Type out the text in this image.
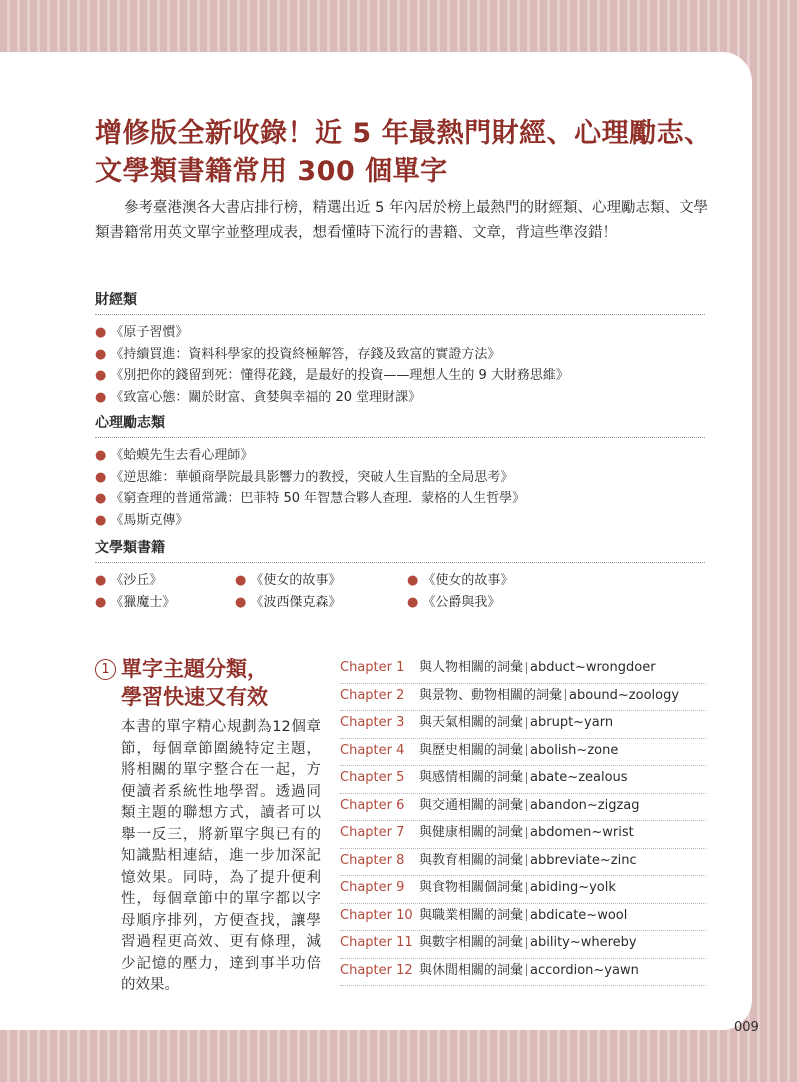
增修版全新收錄！近 5 年最熱門財經、心理勵志、
文學類書籍常用 300 個單字
參考臺港澳各大書店排行榜，精選出近 5 年內居於榜上最熱門的財經類、心理勵志類、文學類書籍常用英文單字並整理成表，想看懂時下流行的書籍、文章，背這些準沒錯！
財經類
● 《原子習慣》
● 《持續買進：資料科學家的投資終極解答，存錢及致富的實證方法》
● 《別把你的錢留到死：懂得花錢，是最好的投資——理想人生的 9 大財務思維》
● 《致富心態：關於財富、貪婪與幸福的 20 堂理財課》
心理勵志類
● 《蛤蟆先生去看心理師》
● 《逆思維：華頓商學院最具影響力的教授，突破人生盲點的全局思考》
● 《窮查理的普通常識：巴菲特 50 年智慧合夥人查理．蒙格的人生哲學》
● 《馬斯克傳》
文學類書籍
● 《沙丘》	● 《使女的故事》	● 《使女的故事》
● 《獵魔士》	● 《波西傑克森》	● 《公爵與我》
1 單字主題分類，
學習快速又有效
本書的單字精心規劃為12個章節，每個章節圍繞特定主題，將相關的單字整合在一起，方便讀者系統性地學習。透過同類主題的聯想方式，讀者可以舉一反三，將新單字與已有的知識點相連結，進一步加深記憶效果。同時，為了提升便利性，每個章節中的單字都以字母順序排列，方便查找，讓學習過程更高效、更有條理，減少記憶的壓力，達到事半功倍的效果。
Chapter 1 與人物相關的詞彙 abduct~wrongdoer
Chapter 2 與景物、動物相關的詞彙 abound~zoology
Chapter 3 與天氣相關的詞彙 abrupt~yarn
Chapter 4 與歷史相關的詞彙 abolish~zone
Chapter 5 與感情相關的詞彙 abate~zealous
Chapter 6 與交通相關的詞彙 abandon~zigzag
Chapter 7 與健康相關的詞彙 abdomen~wrist
Chapter 8 與教育相關的詞彙 abbreviate~zinc
Chapter 9 與食物相關個詞彙 abiding~yolk
Chapter 10 與職業相關的詞彙 abdicate~wool
Chapter 11 與數字相關的詞彙 ability~whereby
Chapter 12 與休閒相關的詞彙 accordion~yawn
009
